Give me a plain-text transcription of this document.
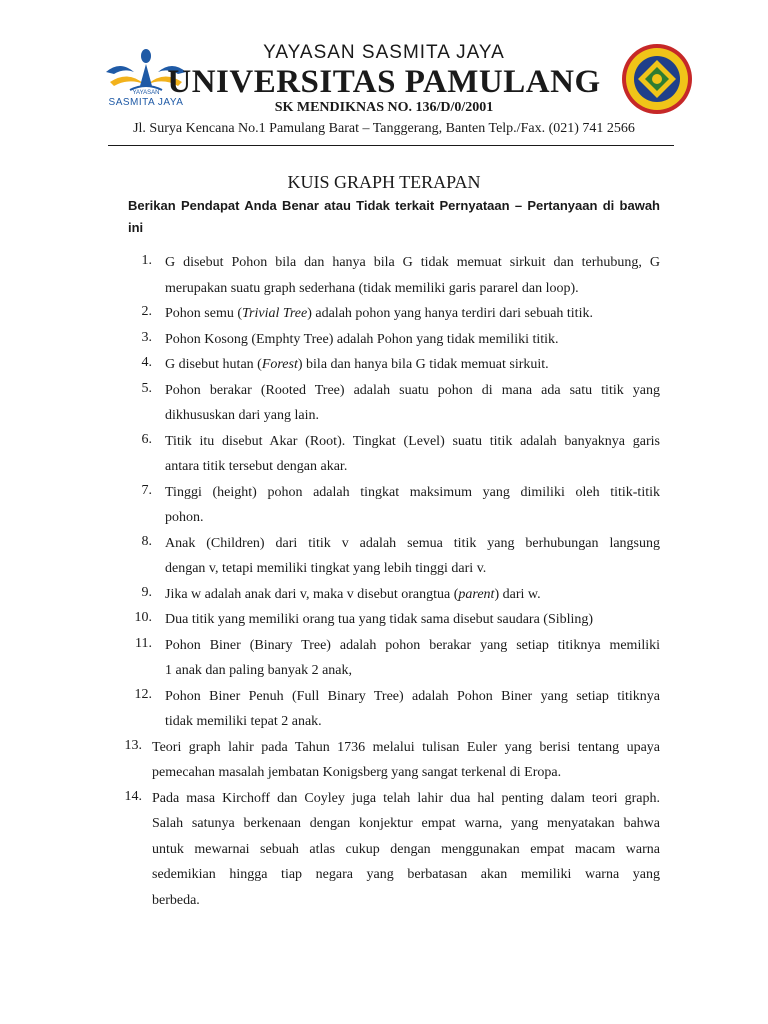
YAYASAN
SASMITA JAYA
YAYASAN SASMITA JAYA
UNIVERSITAS PAMULANG
SK MENDIKNAS NO. 136/D/0/2001
Jl. Surya Kencana No.1 Pamulang Barat – Tanggerang, Banten Telp./Fax. (021) 741 2566
KUIS GRAPH TERAPAN
Berikan Pendapat Anda Benar atau Tidak terkait Pernyataan – Pertanyaan di bawah ini
1. G disebut Pohon bila dan hanya bila G tidak memuat sirkuit dan terhubung, G
merupakan suatu graph sederhana (tidak memiliki garis pararel dan loop).
2. Pohon semu (Trivial Tree) adalah pohon yang hanya terdiri dari sebuah titik.
3. Pohon Kosong (Emphty Tree) adalah Pohon yang tidak memiliki titik.
4. G disebut hutan (Forest) bila dan hanya bila G tidak memuat sirkuit.
5. Pohon berakar (Rooted Tree) adalah suatu pohon di mana ada satu titik yang
dikhususkan dari yang lain.
6. Titik itu disebut Akar (Root). Tingkat (Level) suatu titik adalah banyaknya garis
antara titik tersebut dengan akar.
7. Tinggi (height) pohon adalah tingkat maksimum yang dimiliki oleh titik-titik
pohon.
8. Anak (Children) dari titik v adalah semua titik yang berhubungan langsung
dengan v, tetapi memiliki tingkat yang lebih tinggi dari v.
9. Jika w adalah anak dari v, maka v disebut orangtua (parent) dari w.
10. Dua titik yang memiliki orang tua yang tidak sama disebut saudara (Sibling)
11. Pohon Biner (Binary Tree) adalah pohon berakar yang setiap titiknya memiliki
1 anak dan paling banyak 2 anak,
12. Pohon Biner Penuh (Full Binary Tree) adalah Pohon Biner yang setiap titiknya
tidak memiliki tepat 2 anak.
13. Teori graph lahir pada Tahun 1736 melalui tulisan Euler yang berisi tentang upaya
pemecahan masalah jembatan Konigsberg yang sangat terkenal di Eropa.
14. Pada masa Kirchoff dan Coyley juga telah lahir dua hal penting dalam teori graph.
Salah satunya berkenaan dengan konjektur empat warna, yang menyatakan bahwa
untuk mewarnai sebuah atlas cukup dengan menggunakan empat macam warna
sedemikian hingga tiap negara yang berbatasan akan memiliki warna yang
berbeda.
